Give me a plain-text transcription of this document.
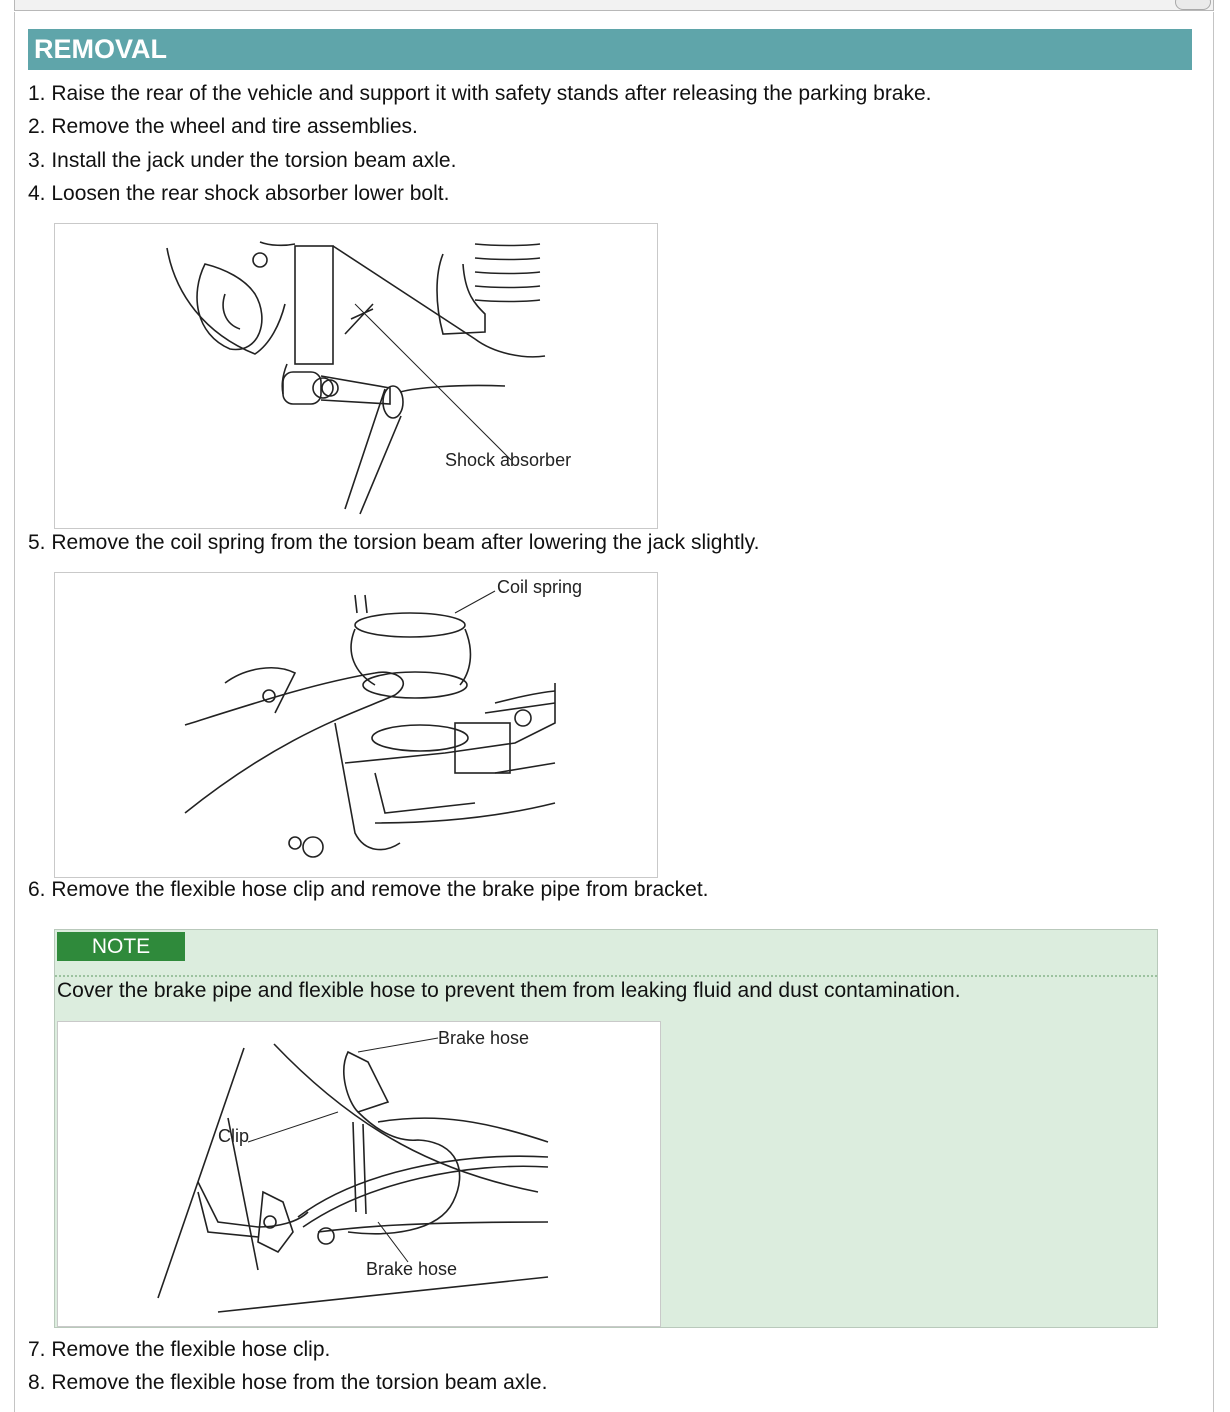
REMOVAL
1. Raise the rear of the vehicle and support it with safety stands after releasing the parking brake.
2. Remove the wheel and tire assemblies.
3. Install the jack under the torsion beam axle.
4. Loosen the rear shock absorber lower bolt.
Shock absorber
5. Remove the coil spring from the torsion beam after lowering the jack slightly.
Coil spring
6. Remove the flexible hose clip and remove the brake pipe from bracket.
NOTE
Cover the brake pipe and flexible hose to prevent them from leaking fluid and dust contamination.
Brake hose
Clip
Brake hose
7. Remove the flexible hose clip.
8. Remove the flexible hose from the torsion beam axle.
